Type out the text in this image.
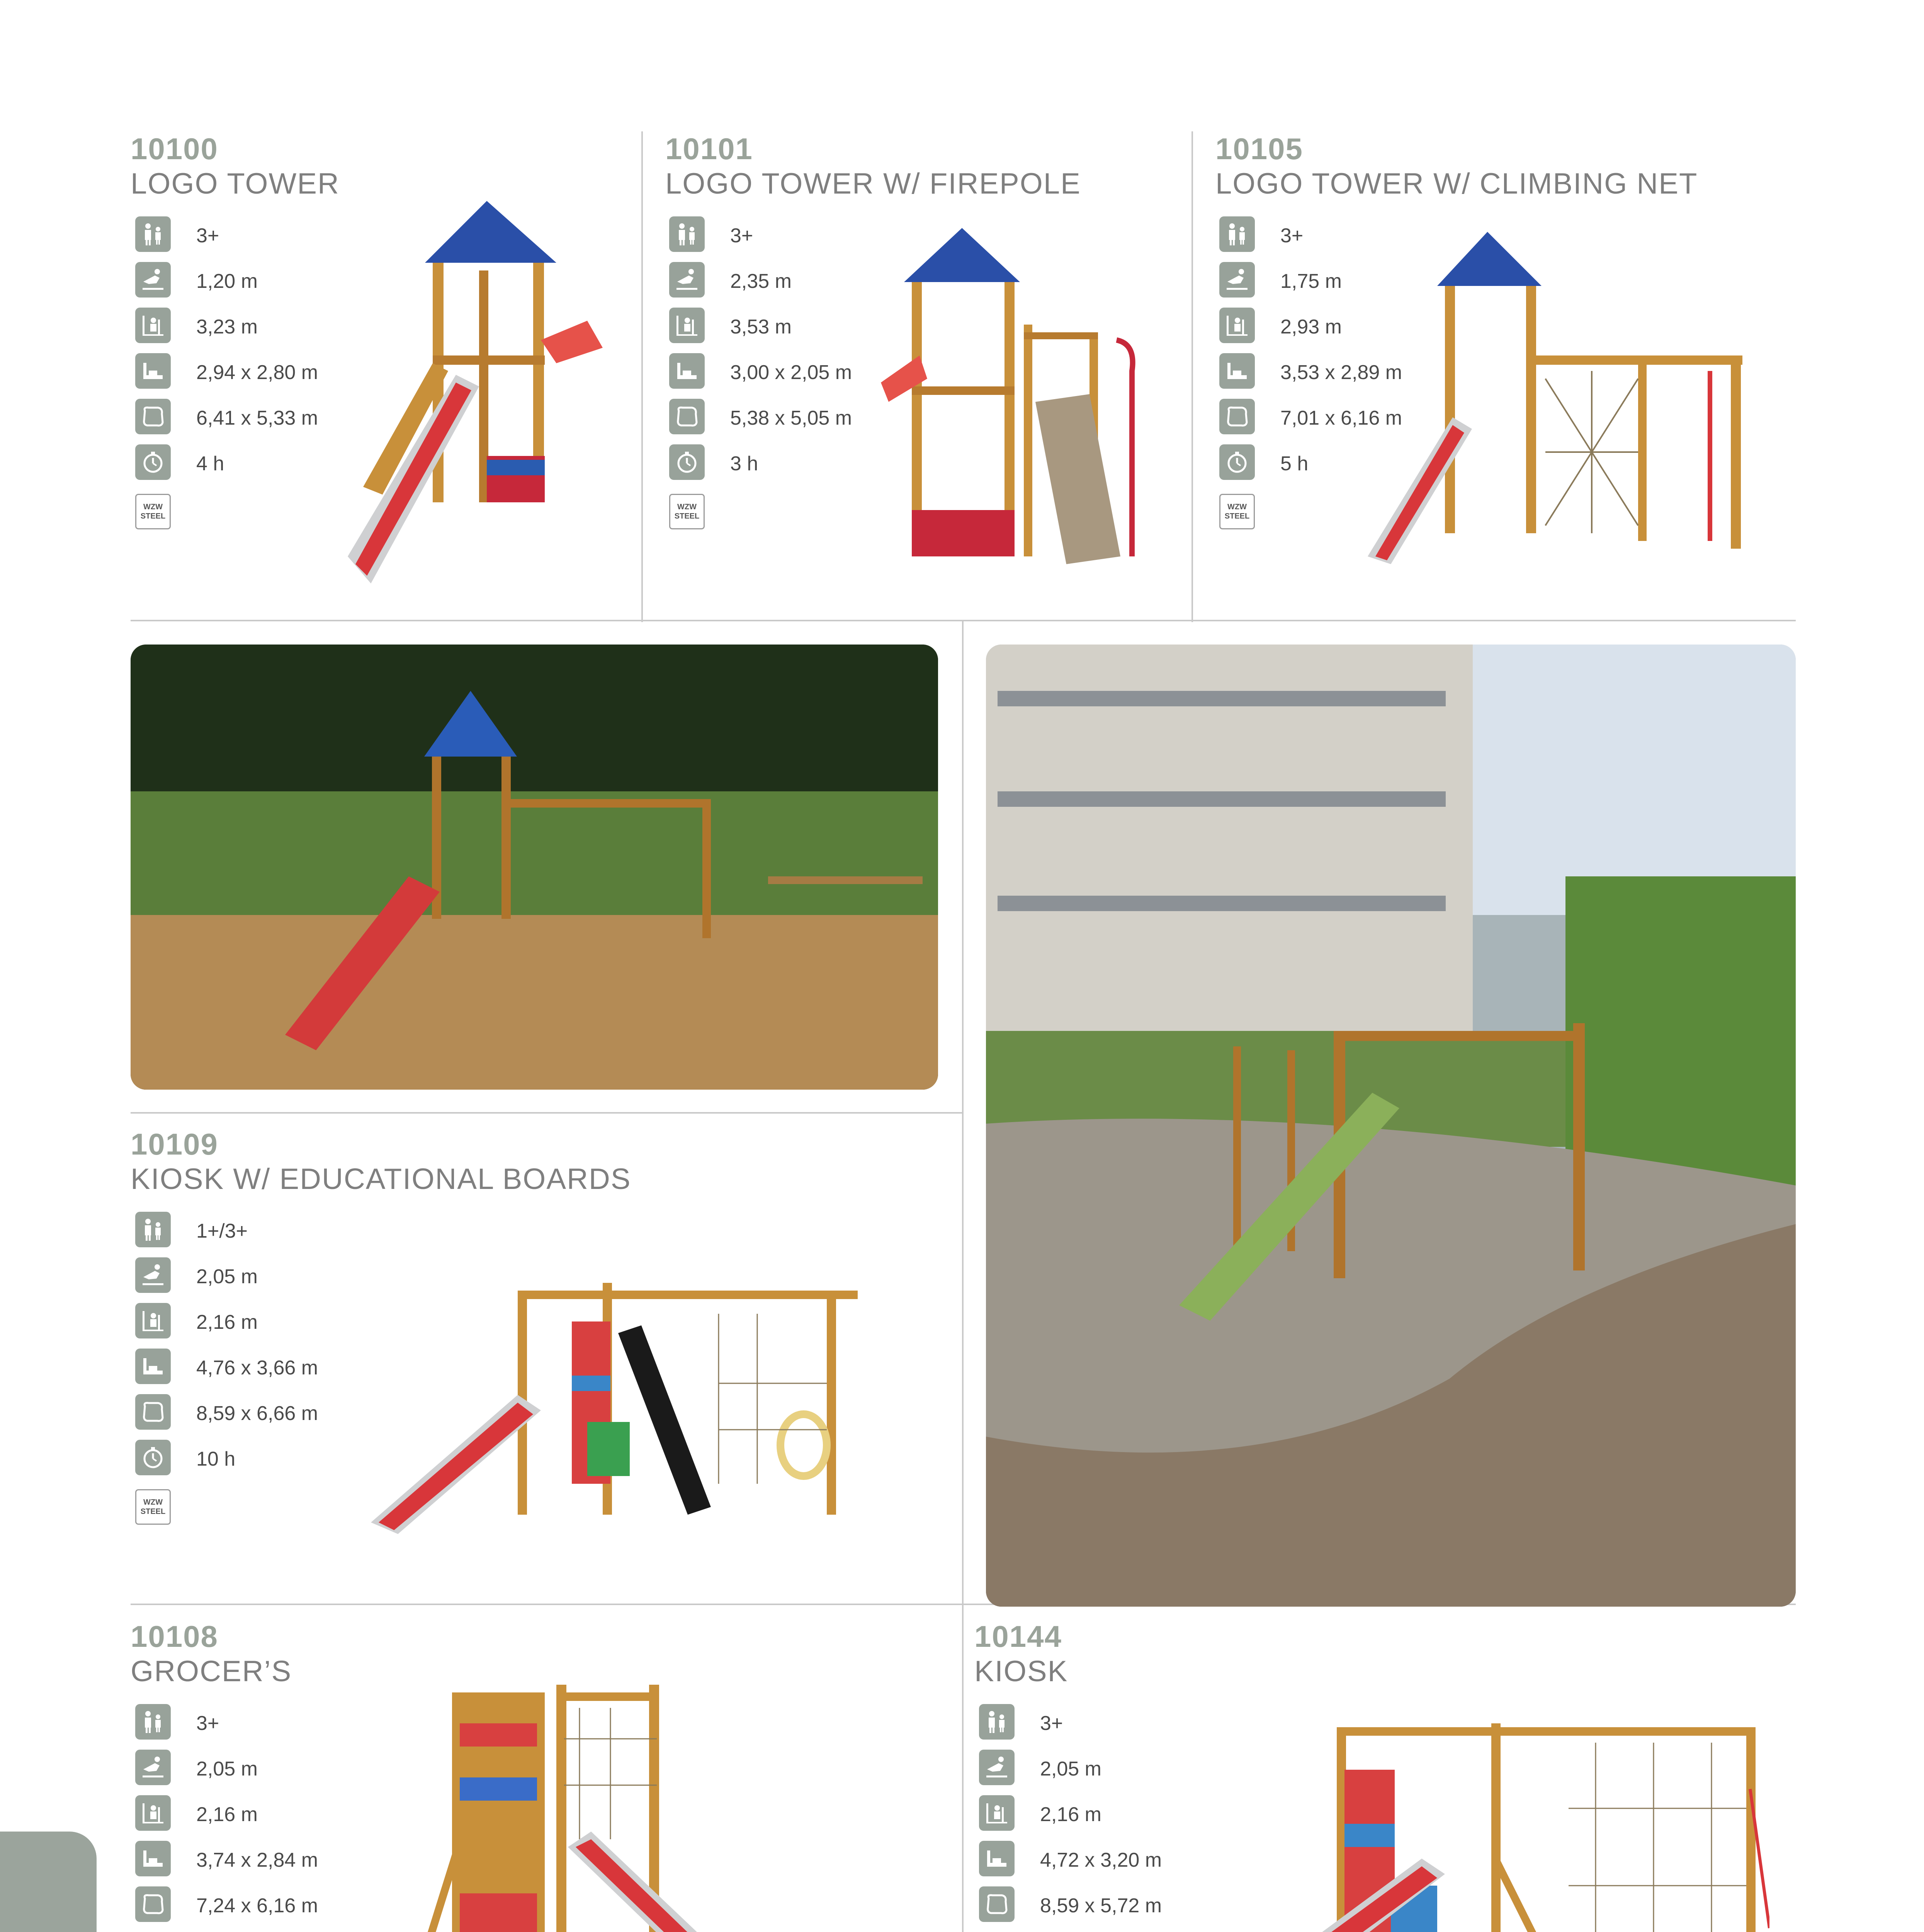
10100
LOGO TOWER
3+
1,20 m
3,23 m
2,94 x 2,80 m
6,41 x 5,33 m
4 h
WZW
STEEL
10101
LOGO TOWER W/ FIREPOLE
3+
2,35 m
3,53 m
3,00 x 2,05 m
5,38 x 5,05 m
3 h
WZW
STEEL
10105
LOGO TOWER W/ CLIMBING NET
3+
1,75 m
2,93 m
3,53 x 2,89 m
7,01 x 6,16 m
5 h
WZW
STEEL
10109
KIOSK W/ EDUCATIONAL BOARDS
1+/3+
2,05 m
2,16 m
4,76 x 3,66 m
8,59 x 6,66 m
10 h
WZW
STEEL
10108
GROCER’S
3+
2,05 m
2,16 m
3,74 x 2,84 m
7,24 x 6,16 m
10144
KIOSK
3+
2,05 m
2,16 m
4,72 x 3,20 m
8,59 x 5,72 m
